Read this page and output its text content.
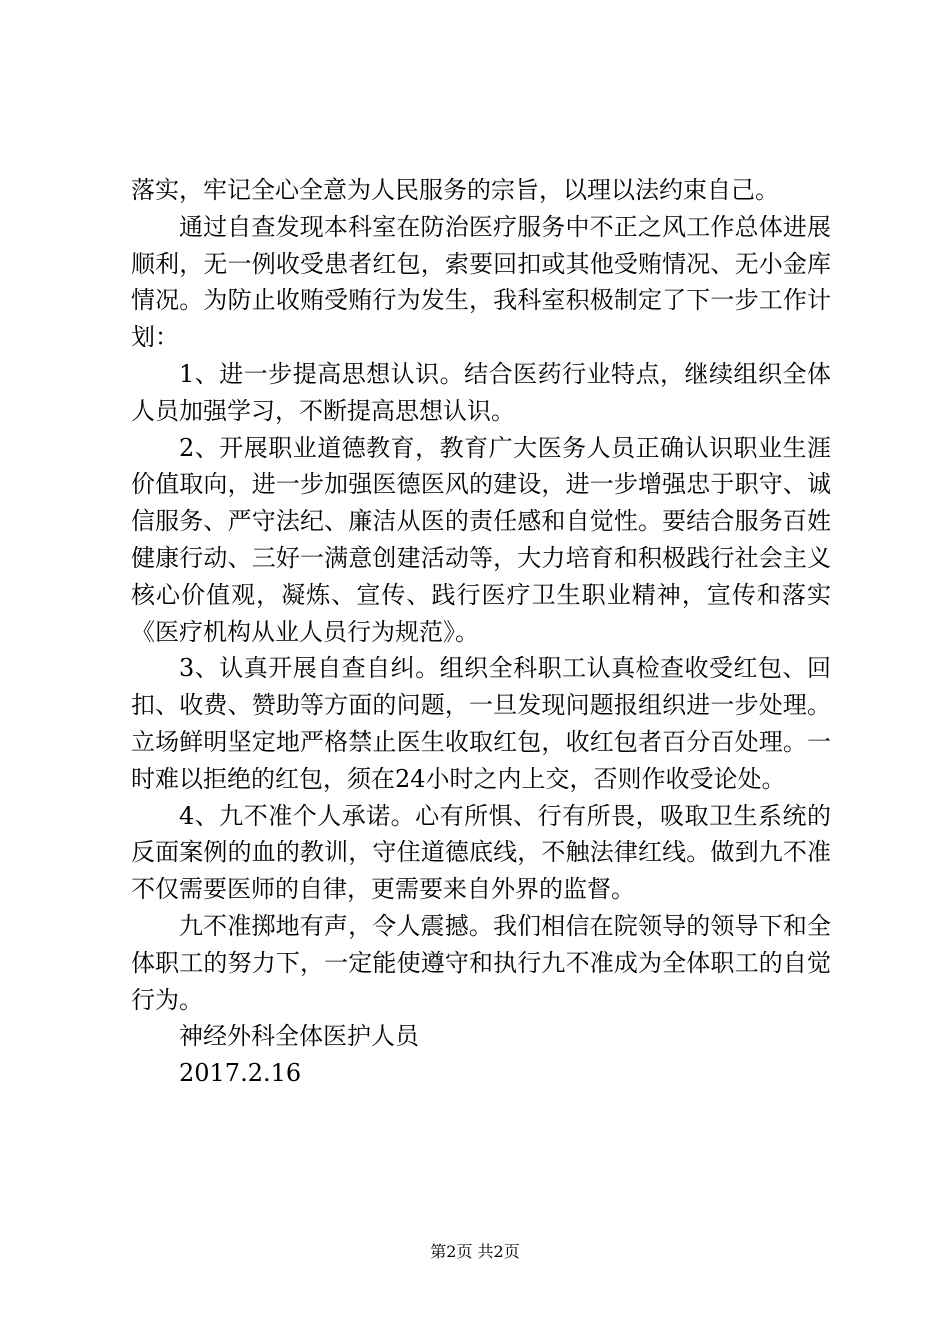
落实，牢记全心全意为人民服务的宗旨，以理以法约束自己。

通过自查发现本科室在防治医疗服务中不正之风工作总体进展顺利，无一例收受患者红包，索要回扣或其他受贿情况、无小金库情况。为防止收贿受贿行为发生，我科室积极制定了下一步工作计划：

1、进一步提高思想认识。结合医药行业特点，继续组织全体人员加强学习，不断提高思想认识。

2、开展职业道德教育，教育广大医务人员正确认识职业生涯价值取向，进一步加强医德医风的建设，进一步增强忠于职守、诚信服务、严守法纪、廉洁从医的责任感和自觉性。要结合服务百姓健康行动、三好一满意创建活动等，大力培育和积极践行社会主义核心价值观，凝炼、宣传、践行医疗卫生职业精神，宣传和落实《医疗机构从业人员行为规范》。

3、认真开展自查自纠。组织全科职工认真检查收受红包、回扣、收费、赞助等方面的问题，一旦发现问题报组织进一步处理。立场鲜明坚定地严格禁止医生收取红包，收红包者百分百处理。一时难以拒绝的红包，须在24小时之内上交，否则作收受论处。

4、九不准个人承诺。心有所惧、行有所畏，吸取卫生系统的反面案例的血的教训，守住道德底线，不触法律红线。做到九不准不仅需要医师的自律，更需要来自外界的监督。

九不准掷地有声，令人震撼。我们相信在院领导的领导下和全体职工的努力下，一定能使遵守和执行九不准成为全体职工的自觉行为。

神经外科全体医护人员

2017.2.16

第2页 共2页
